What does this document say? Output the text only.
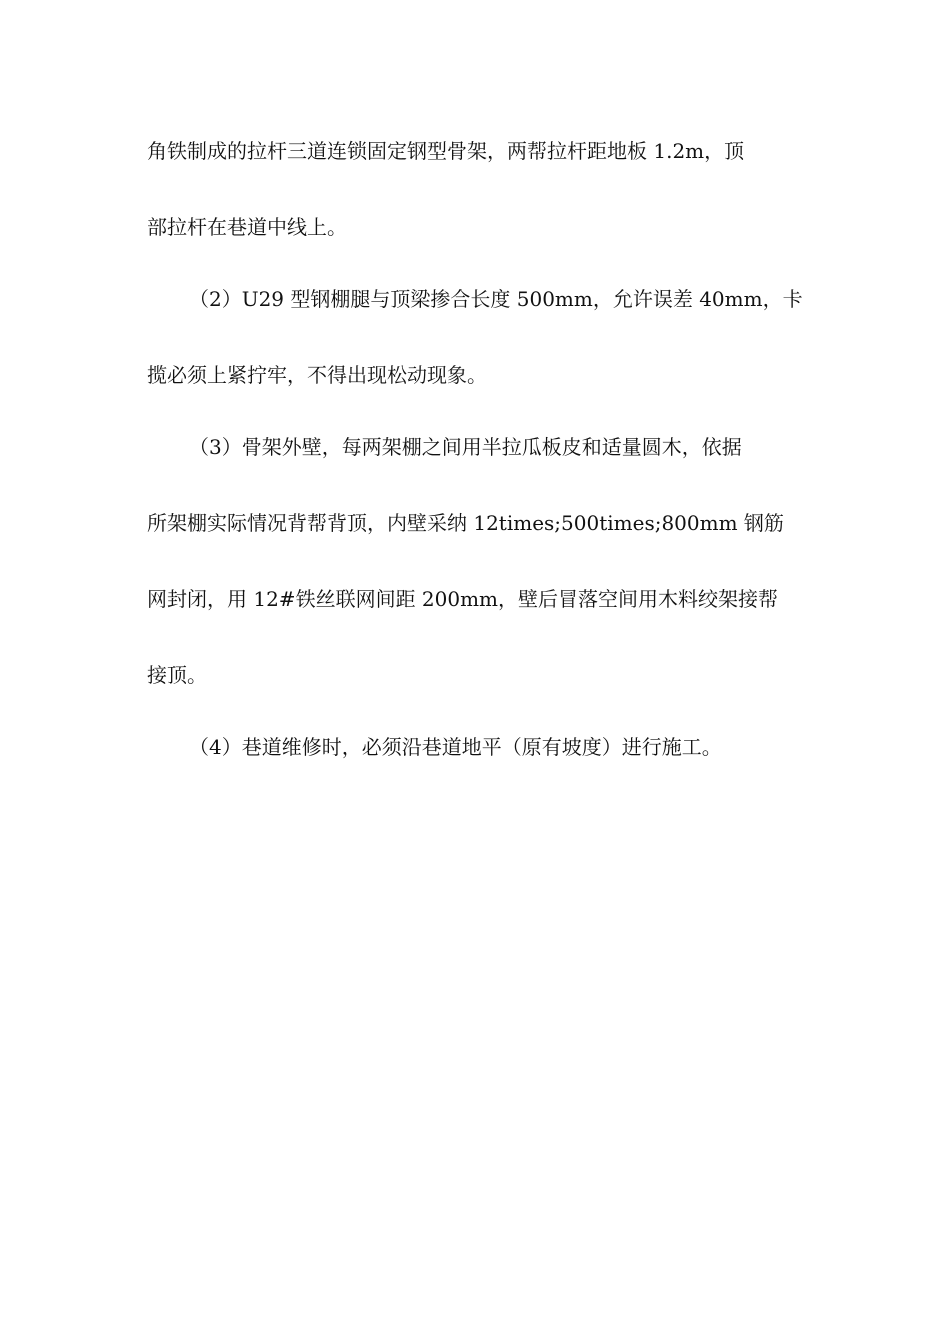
角铁制成的拉杆三道连锁固定钢型骨架，两帮拉杆距地板 1.2m，顶
部拉杆在巷道中线上。
（2）U29 型钢棚腿与顶梁掺合长度 500mm，允许误差 40mm，卡
揽必须上紧拧牢，不得出现松动现象。
（3）骨架外壁，每两架棚之间用半拉瓜板皮和适量圆木，依据
所架棚实际情况背帮背顶，内壁采纳 12times;500times;800mm 钢筋
网封闭，用 12#铁丝联网间距 200mm，壁后冒落空间用木料绞架接帮
接顶。
（4）巷道维修时，必须沿巷道地平（原有坡度）进行施工。
